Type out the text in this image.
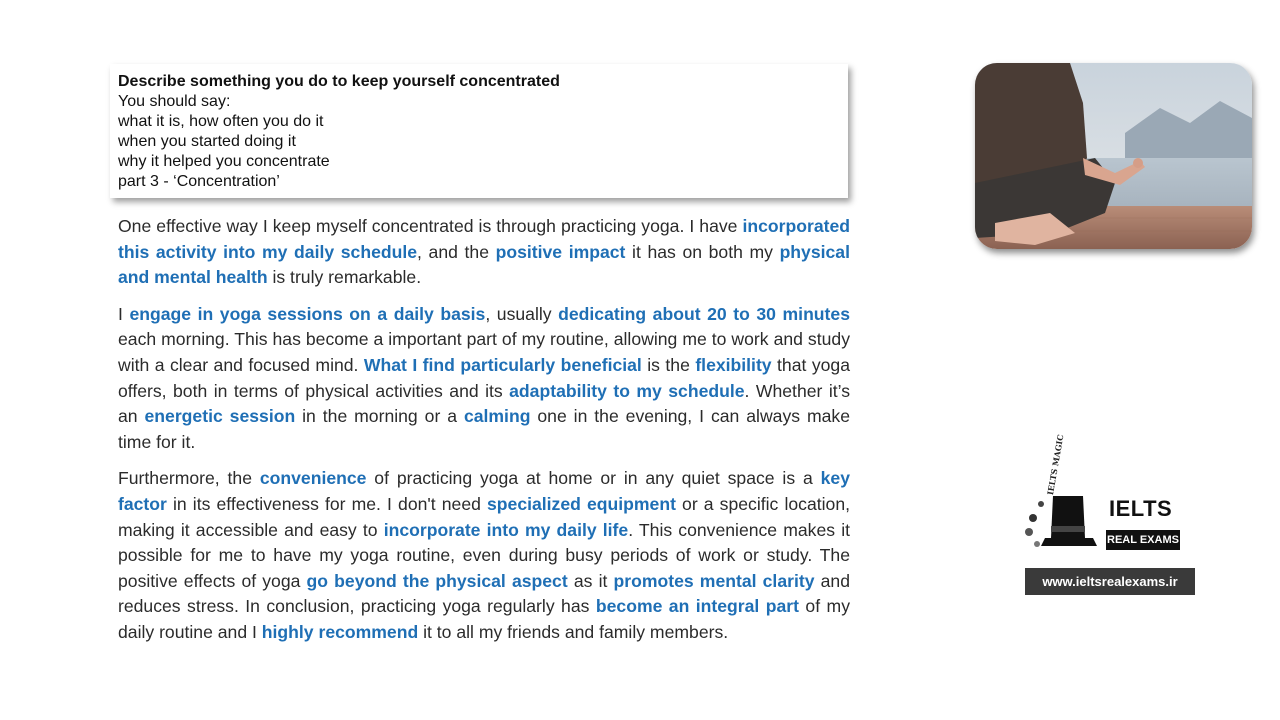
Describe something you do to keep yourself concentrated
You should say:
what it is, how often you do it
when you started doing it
why it helped you concentrate
part 3 - ‘Concentration’

One effective way I keep myself concentrated is through practicing yoga. I have incorporated this activity into my daily schedule, and the positive impact it has on both my physical and mental health is truly remarkable.

I engage in yoga sessions on a daily basis, usually dedicating about 20 to 30 minutes each morning. This has become a important part of my routine, allowing me to work and study with a clear and focused mind. What I find particularly beneficial is the flexibility that yoga offers, both in terms of physical activities and its adaptability to my schedule. Whether it’s an energetic session in the morning or a calming one in the evening, I can always make time for it.

Furthermore, the convenience of practicing yoga at home or in any quiet space is a key factor in its effectiveness for me. I don't need specialized equipment or a specific location, making it accessible and easy to incorporate into my daily life. This convenience makes it possible for me to have my yoga routine, even during busy periods of work or study. The positive effects of yoga go beyond the physical aspect as it promotes mental clarity and reduces stress. In conclusion, practicing yoga regularly has become an integral part of my daily routine and I highly recommend it to all my friends and family members.

IELTS MAGIC
IELTS
REAL EXAMS
www.ieltsrealexams.ir
